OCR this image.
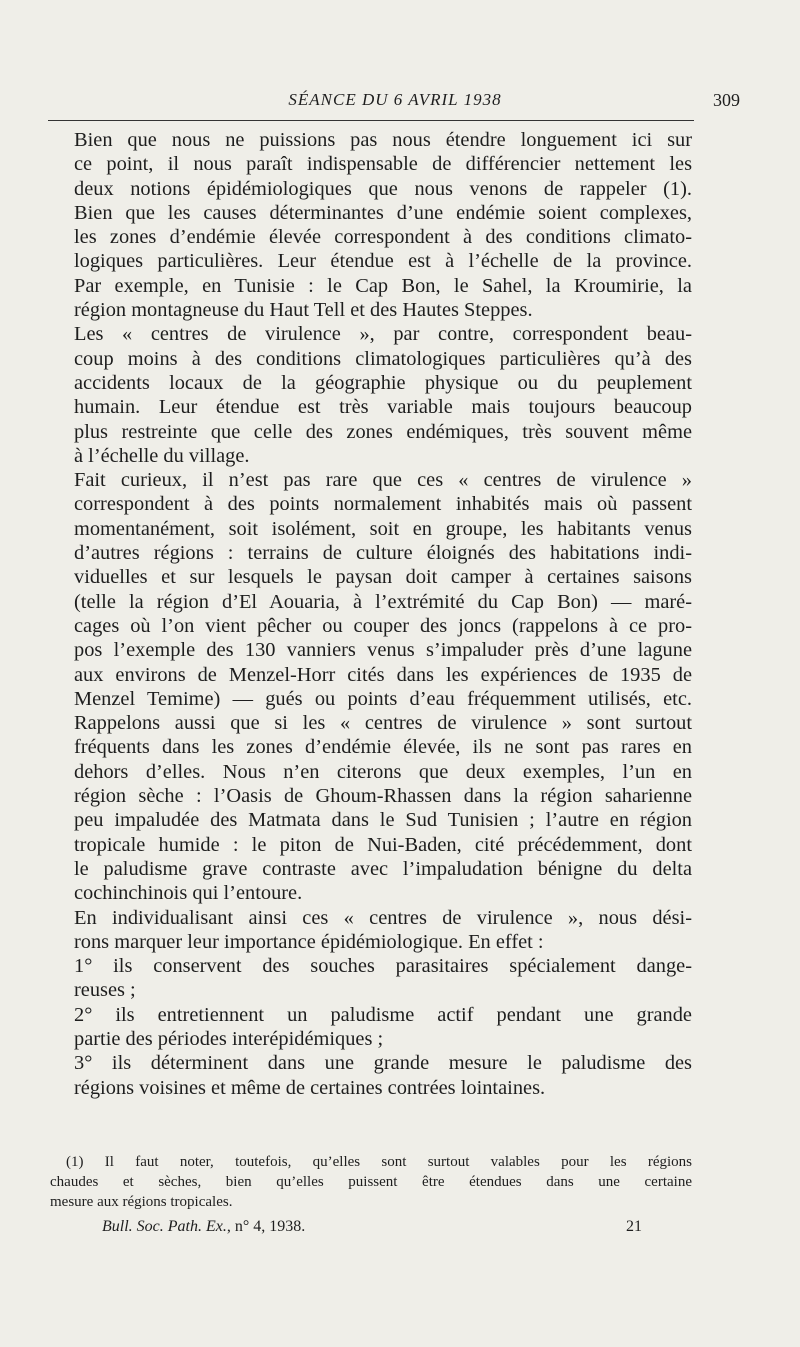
SÉANCE DU 6 AVRIL 1938	309

Bien que nous ne puissions pas nous étendre longuement ici sur
ce point, il nous paraît indispensable de différencier nettement les
deux notions épidémiologiques que nous venons de rappeler (1).
Bien que les causes déterminantes d’une endémie soient complexes,
les zones d’endémie élevée correspondent à des conditions climato-
logiques particulières. Leur étendue est à l’échelle de la province.
Par exemple, en Tunisie : le Cap Bon, le Sahel, la Kroumirie, la
région montagneuse du Haut Tell et des Hautes Steppes.

Les « centres de virulence », par contre, correspondent beau-
coup moins à des conditions climatologiques particulières qu’à des
accidents locaux de la géographie physique ou du peuplement
humain. Leur étendue est très variable mais toujours beaucoup
plus restreinte que celle des zones endémiques, très souvent même
à l’échelle du village.

Fait curieux, il n’est pas rare que ces « centres de virulence »
correspondent à des points normalement inhabités mais où passent
momentanément, soit isolément, soit en groupe, les habitants venus
d’autres régions : terrains de culture éloignés des habitations indi-
viduelles et sur lesquels le paysan doit camper à certaines saisons
(telle la région d’El Aouaria, à l’extrémité du Cap Bon) — maré-
cages où l’on vient pêcher ou couper des joncs (rappelons à ce pro-
pos l’exemple des 130 vanniers venus s’impaluder près d’une lagune
aux environs de Menzel-Horr cités dans les expériences de 1935 de
Menzel Temime) — gués ou points d’eau fréquemment utilisés, etc.

Rappelons aussi que si les « centres de virulence » sont surtout
fréquents dans les zones d’endémie élevée, ils ne sont pas rares en
dehors d’elles. Nous n’en citerons que deux exemples, l’un en
région sèche : l’Oasis de Ghoum-Rhassen dans la région saharienne
peu impaludée des Matmata dans le Sud Tunisien ; l’autre en région
tropicale humide : le piton de Nui-Baden, cité précédemment, dont
le paludisme grave contraste avec l’impaludation bénigne du delta
cochinchinois qui l’entoure.

En individualisant ainsi ces « centres de virulence », nous dési-
rons marquer leur importance épidémiologique. En effet :

1° ils conservent des souches parasitaires spécialement dange-
reuses ;

2° ils entretiennent un paludisme actif pendant une grande
partie des périodes interépidémiques ;

3° ils déterminent dans une grande mesure le paludisme des
régions voisines et même de certaines contrées lointaines.

(1) Il faut noter, toutefois, qu’elles sont surtout valables pour les régions
chaudes et sèches, bien qu’elles puissent être étendues dans une certaine
mesure aux régions tropicales.
Bull. Soc. Path. Ex., n° 4, 1938.	21
